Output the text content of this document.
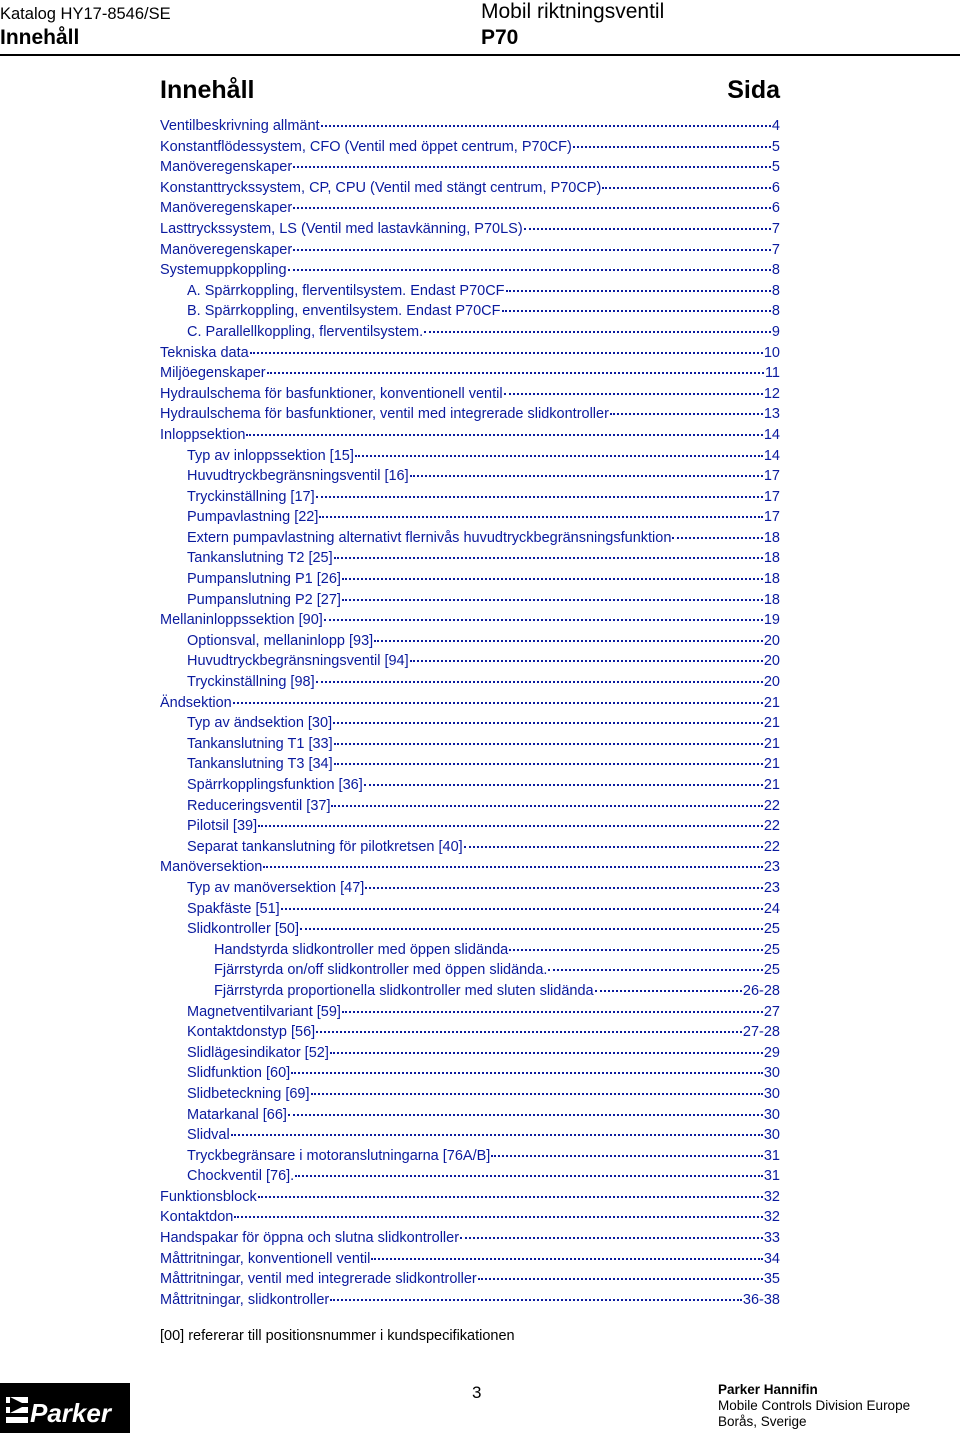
Katalog HY17-8546/SE
Innehåll
Mobil riktningsventil
P70
Innehåll	Sida
Ventilbeskrivning allmänt	4
Konstantflödessystem, CFO (Ventil med öppet centrum, P70CF)	5
Manöveregenskaper	5
Konstanttryckssystem, CP, CPU (Ventil med stängt centrum, P70CP)	6
Manöveregenskaper	6
Lasttryckssystem, LS (Ventil med lastavkänning, P70LS)	7
Manöveregenskaper	7
Systemuppkoppling	8
A. Spärrkoppling, flerventilsystem. Endast P70CF	8
B. Spärrkoppling, enventilsystem. Endast P70CF	8
C. Parallellkoppling, flerventilsystem.	9
Tekniska data	10
Miljöegenskaper	11
Hydraulschema för basfunktioner, konventionell ventil	12
Hydraulschema för basfunktioner, ventil med integrerade slidkontroller	13
Inloppsektion	14
Typ av inloppssektion [15]	14
Huvudtryckbegränsningsventil [16]	17
Tryckinställning [17]	17
Pumpavlastning [22]	17
Extern pumpavlastning alternativt flernivås huvudtryckbegränsningsfunktion	18
Tankanslutning T2 [25]	18
Pumpanslutning P1 [26]	18
Pumpanslutning P2 [27]	18
Mellaninloppssektion [90]	19
Optionsval, mellaninlopp [93]	20
Huvudtryckbegränsningsventil [94]	20
Tryckinställning [98]	20
Ändsektion	21
Typ av ändsektion [30]	21
Tankanslutning T1 [33]	21
Tankanslutning T3 [34]	21
Spärrkopplingsfunktion [36]	21
Reduceringsventil [37]	22
Pilotsil [39]	22
Separat tankanslutning för pilotkretsen [40]	22
Manöversektion	23
Typ av manöversektion [47]	23
Spakfäste [51]	24
Slidkontroller [50]	25
Handstyrda slidkontroller med öppen slidända	25
Fjärrstyrda on/off slidkontroller med öppen slidända.	25
Fjärrstyrda proportionella slidkontroller med sluten slidända	26-28
Magnetventilvariant [59]	27
Kontaktdonstyp [56]	27-28
Slidlägesindikator [52]	29
Slidfunktion [60]	30
Slidbeteckning [69]	30
Matarkanal [66]	30
Slidval	30
Tryckbegränsare i motoranslutningarna [76A/B]	31
Chockventil [76].	31
Funktionsblock	32
Kontaktdon	32
Handspakar för öppna och slutna slidkontroller	33
Måttritningar, konventionell ventil	34
Måttritningar, ventil med integrerade slidkontroller	35
Måttritningar, slidkontroller	36-38
[00] refererar till positionsnummer i kundspecifikationen
Parker
3	Parker Hannifin
Mobile Controls Division Europe
Borås, Sverige
